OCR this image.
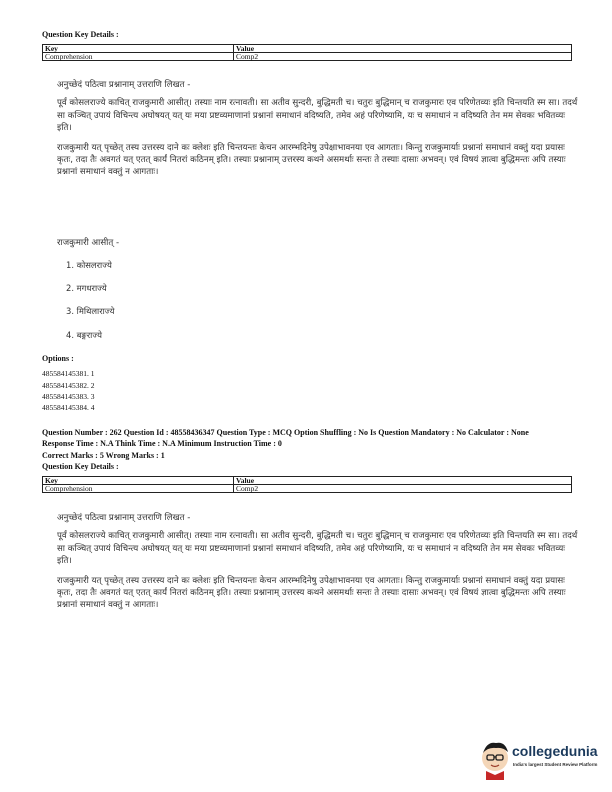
Question Key Details :
Key	Value
Comprehension	Comp2

अनुच्छेदं पठित्वा प्रश्नानाम् उत्तराणि लिखत -

पूर्वं कोसलराज्ये काचित् राजकुमारी आसीत्। तस्याः नाम रत्नावती। सा अतीव सुन्दरी, बुद्धिमती च। चतुरः बुद्धिमान् च राजकुमारः एव परिणेतव्यः इति चिन्तयति स्म सा। तदर्थं सा कञ्चित् उपायं विचिन्त्य अघोषयत् यत् यः मया प्रष्टव्यमाणानां प्रश्नानां समाधानं वदिष्यति, तमेव अहं परिणेष्यामि, यः च समाधानं न वदिष्यति तेन मम सेवकः भवितव्यः इति।

राजकुमारी यत् पृच्छेत् तस्य उत्तरस्य दाने कः क्लेशः इति चिन्तयन्तः केचन आरम्भदिनेषु उपेक्षाभावनया एव आगताः। किन्तु राजकुमार्याः प्रश्नानां समाधानं वक्तुं यदा प्रयासः कृतः, तदा तैः अवगतं यत् एतत् कार्यं नितरां कठिनम् इति। तस्याः प्रश्नानाम् उत्तरस्य कथने असमर्थाः सन्तः ते तस्याः दासाः अभवन्। एवं विषयं ज्ञात्वा बुद्धिमन्तः अपि तस्याः प्रश्नानां समाधानं वक्तुं न आगताः।

राजकुमारी आसीत् -
1. कोसलराज्ये
2. मगधराज्ये
3. मिथिलाराज्ये
4. बङ्गराज्ये
Options :
485584145381. 1
485584145382. 2
485584145383. 3
485584145384. 4
Question Number : 262 Question Id : 48558436347 Question Type : MCQ Option Shuffling : No Is Question Mandatory : No Calculator : None
Response Time : N.A Think Time : N.A Minimum Instruction Time : 0
Correct Marks : 5 Wrong Marks : 1
Question Key Details :
Key	Value
Comprehension	Comp2

अनुच्छेदं पठित्वा प्रश्नानाम् उत्तराणि लिखत -

पूर्वं कोसलराज्ये काचित् राजकुमारी आसीत्। तस्याः नाम रत्नावती। सा अतीव सुन्दरी, बुद्धिमती च। चतुरः बुद्धिमान् च राजकुमारः एव परिणेतव्यः इति चिन्तयति स्म सा। तदर्थं सा कञ्चित् उपायं विचिन्त्य अघोषयत् यत् यः मया प्रष्टव्यमाणानां प्रश्नानां समाधानं वदिष्यति, तमेव अहं परिणेष्यामि, यः च समाधानं न वदिष्यति तेन मम सेवकः भवितव्यः इति।

राजकुमारी यत् पृच्छेत् तस्य उत्तरस्य दाने कः क्लेशः इति चिन्तयन्तः केचन आरम्भदिनेषु उपेक्षाभावनया एव आगताः। किन्तु राजकुमार्याः प्रश्नानां समाधानं वक्तुं यदा प्रयासः कृतः, तदा तैः अवगतं यत् एतत् कार्यं नितरां कठिनम् इति। तस्याः प्रश्नानाम् उत्तरस्य कथने असमर्थाः सन्तः ते तस्याः दासाः अभवन्। एवं विषयं ज्ञात्वा बुद्धिमन्तः अपि तस्याः प्रश्नानां समाधानं वक्तुं न आगताः।

collegedunia
India's largest Student Review Platform
